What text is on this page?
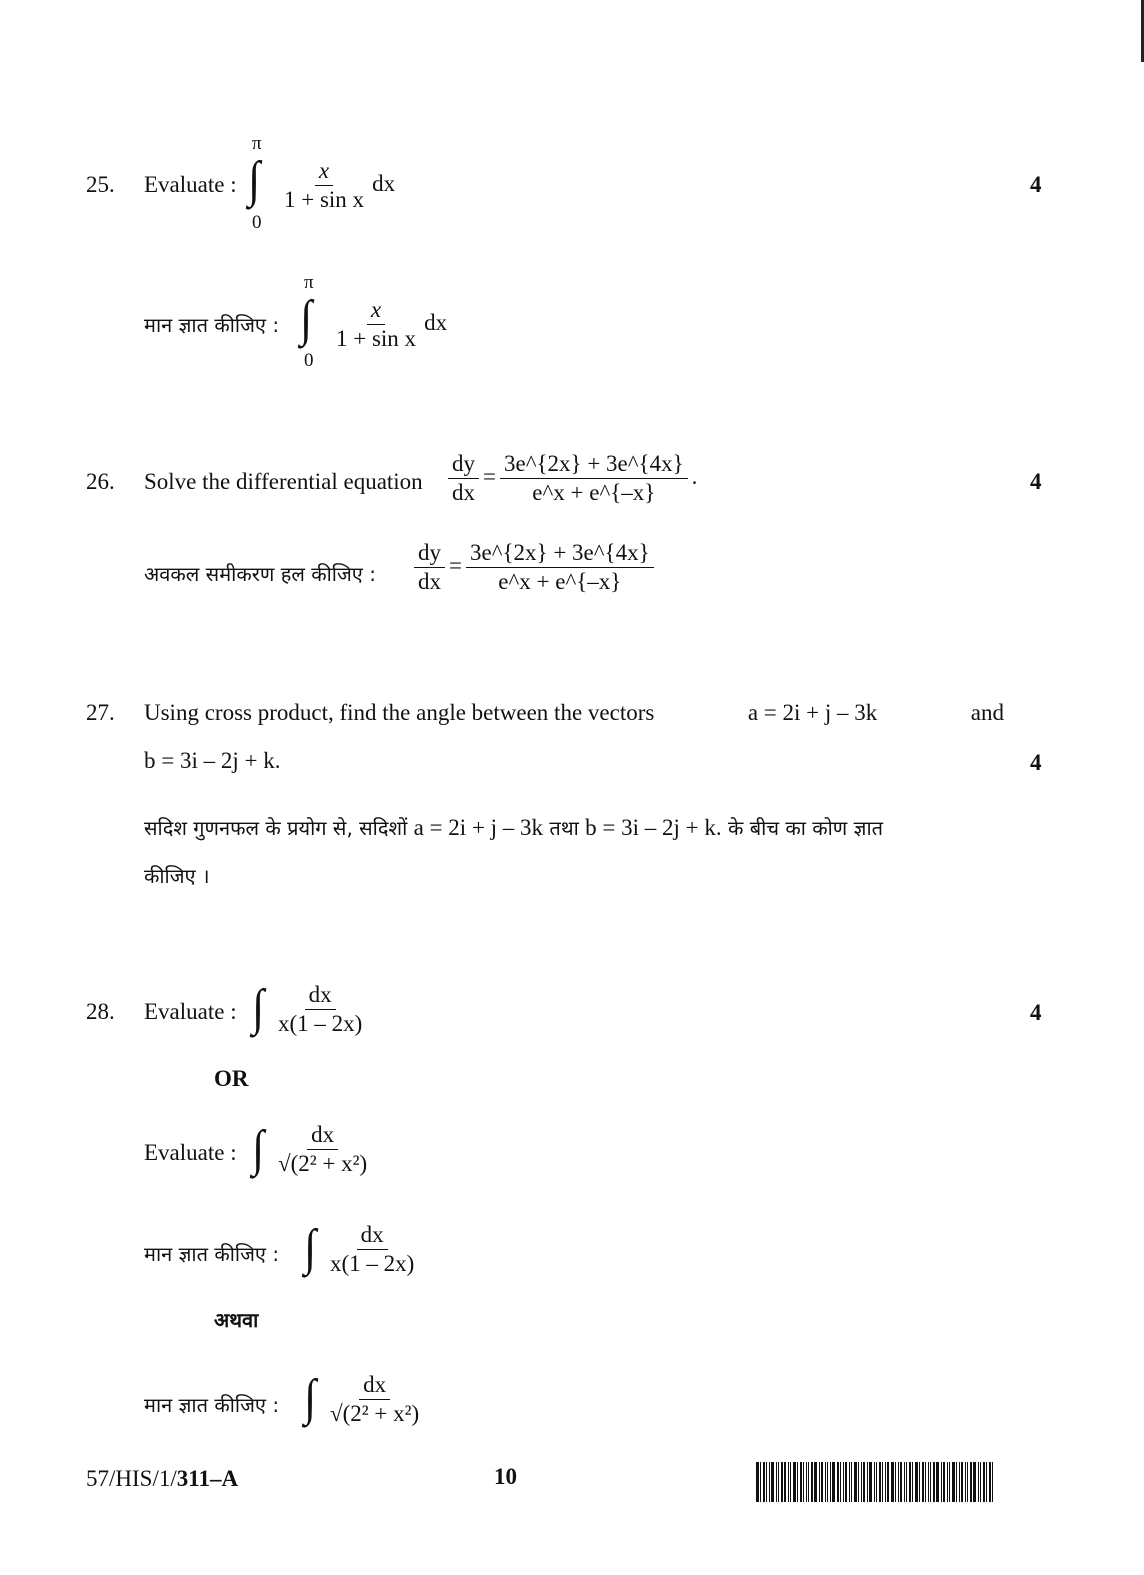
25. Evaluate :
π
∫
0
$\frac{x}{\text{1 + sin x}}$ dx	4
मान ज्ञात कीजिए :
π
∫
0
$\frac{x}{\text{1 + sin x}}$ dx
26. Solve the differential equation $\frac{dy}{dx} = \frac{3e\^{}\{2x\} + 3e\^{}\{4x\}}{e\^{}x + e\^{}\{-x\}}$ .	4
अवकल समीकरण हल कीजिए : $\frac{dy}{dx} = \frac{3e\^{}\{2x\} + 3e\^{}\{4x\}}{e\^{}x + e\^{}\{-x\}}$
27. Using cross product, find the angle between the vectors	a = 2i + j – 3k	and
b = 3i – 2j + k.	4
सदिश गुणनफल के प्रयोग से, सदिशों a = 2i + j – 3k तथा b = 3i – 2j + k. के बीच का कोण ज्ञात
कीजिए ।
28. Evaluate : ∫ $\frac{dx}{x(1 - 2x)}$	4
OR
Evaluate : ∫ $\frac{dx}{\text{√(2² + x²)}}$
मान ज्ञात कीजिए : ∫ $\frac{dx}{x(1 - 2x)}$
अथवा
मान ज्ञात कीजिए : ∫ $\frac{dx}{\text{√(2² + x²)}}$
57/HIS/1/311–A	10
